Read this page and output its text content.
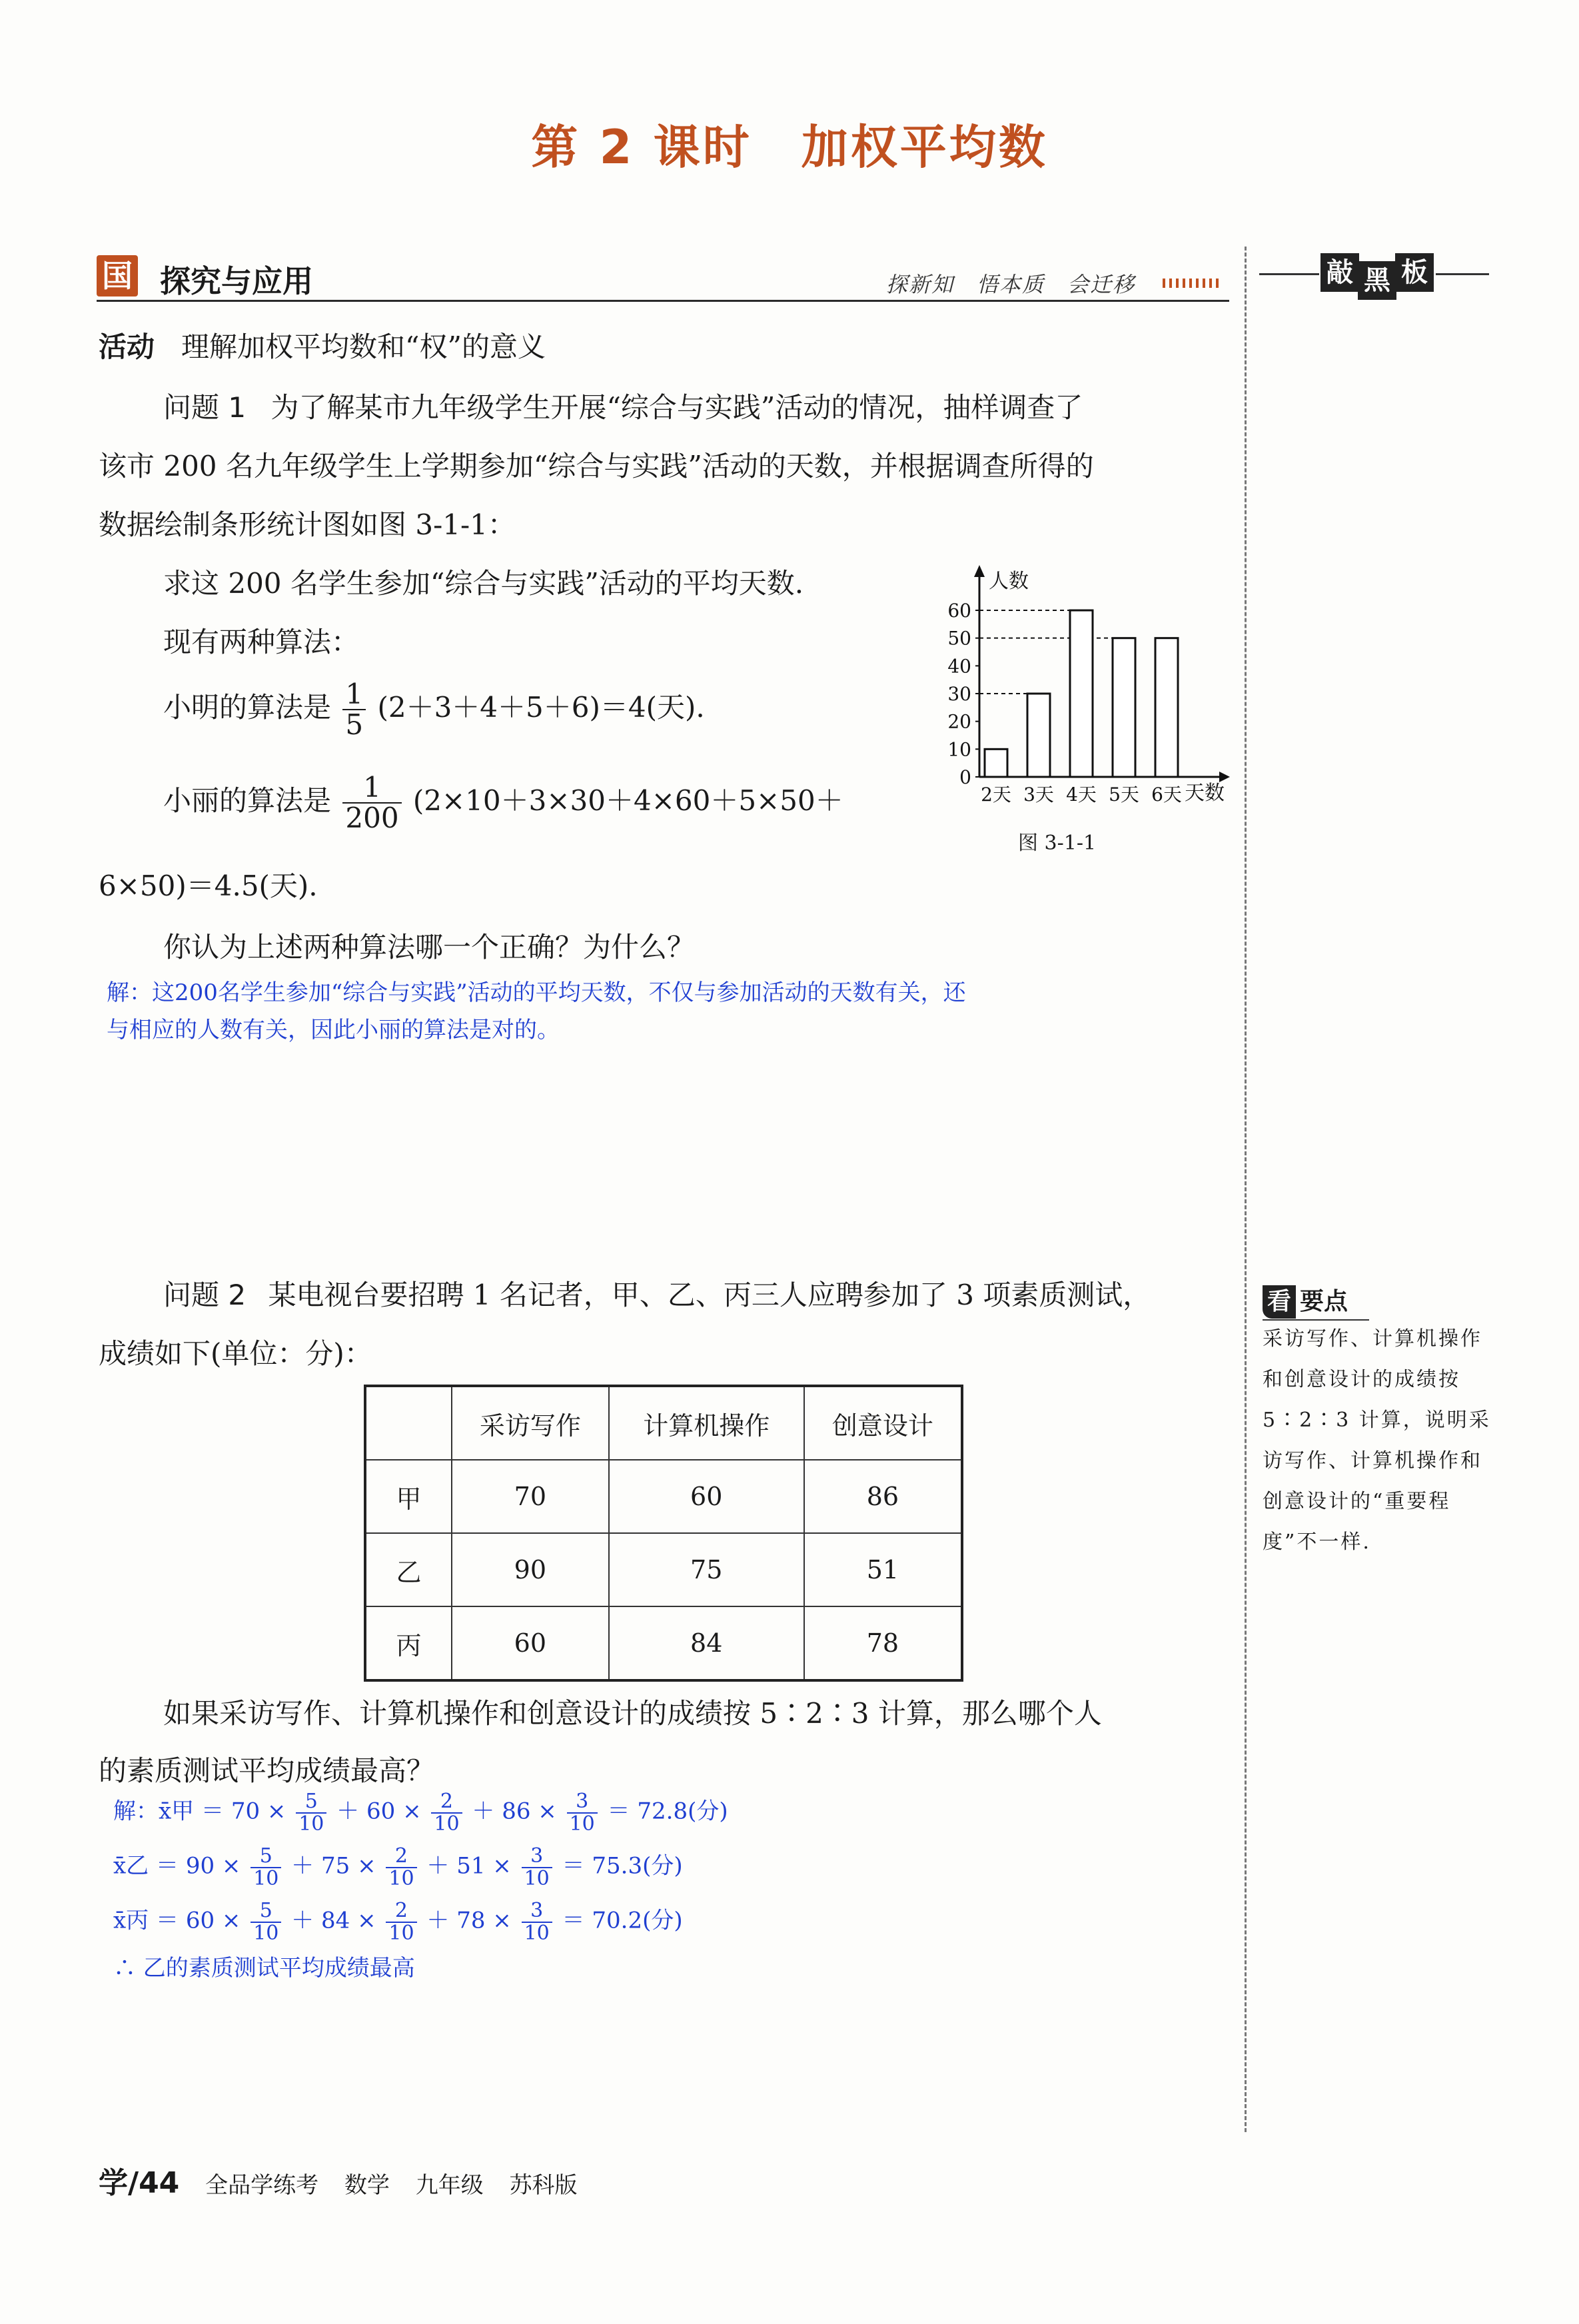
第 2 课时　加权平均数
国 探究与应用	探新知　悟本质　会迁移	敲 黑 板
活动 理解加权平均数和“权”的意义
问题 1 为了解某市九年级学生开展“综合与实践”活动的情况，抽样调查了
该市 200 名九年级学生上学期参加“综合与实践”活动的天数，并根据调查所得的
数据绘制条形统计图如图 3-1-1：
求这 200 名学生参加“综合与实践”活动的平均天数.
现有两种算法：
小明的算法是 $\frac{1}{5} (2+3+4+5+6)=4$(天).
小丽的算法是 $\frac{1}{200} (2\times 10+3\times 30+4\times 60+5\times 50+$
6×50)＝4.5(天).
你认为上述两种算法哪一个正确？为什么？
解：这200名学生参加“综合与实践”活动的平均天数，不仅与参加活动的天数有关，还
与相应的人数有关，因此小丽的算法是对的。
人数
天数
0
10
20
30
40
50
60
2天 3天 4天 5天 6天
图 3-1-1
问题 2 某电视台要招聘 1 名记者，甲、乙、丙三人应聘参加了 3 项素质测试，
成绩如下(单位：分)：
	采访写作	计算机操作	创意设计
甲	70	60	86
乙	90	75	51
丙	60	84	78
如果采访写作、计算机操作和创意设计的成绩按 5∶2∶3 计算，那么哪个人
的素质测试平均成绩最高？
解：x̄甲 ＝ $70 \times \frac{5}{10} + 60 \times \frac{2}{10} + 86 \times \frac{3}{10} = 72.8$(分)
x̄乙 ＝ $90 \times \frac{5}{10} + 75 \times \frac{2}{10} + 51 \times \frac{3}{10} = 75.3$(分)
x̄丙 ＝ $60 \times \frac{5}{10} + 84 \times \frac{2}{10} + 78 \times \frac{3}{10} = 70.2$(分)
∴ 乙的素质测试平均成绩最高
看 要点
采访写作、计算机操作和创意设计的成绩按 5∶2∶3 计算，说明采访写作、计算机操作和创意设计的“重要程度”不一样.
学/44 全品学练考 数学 九年级 苏科版
